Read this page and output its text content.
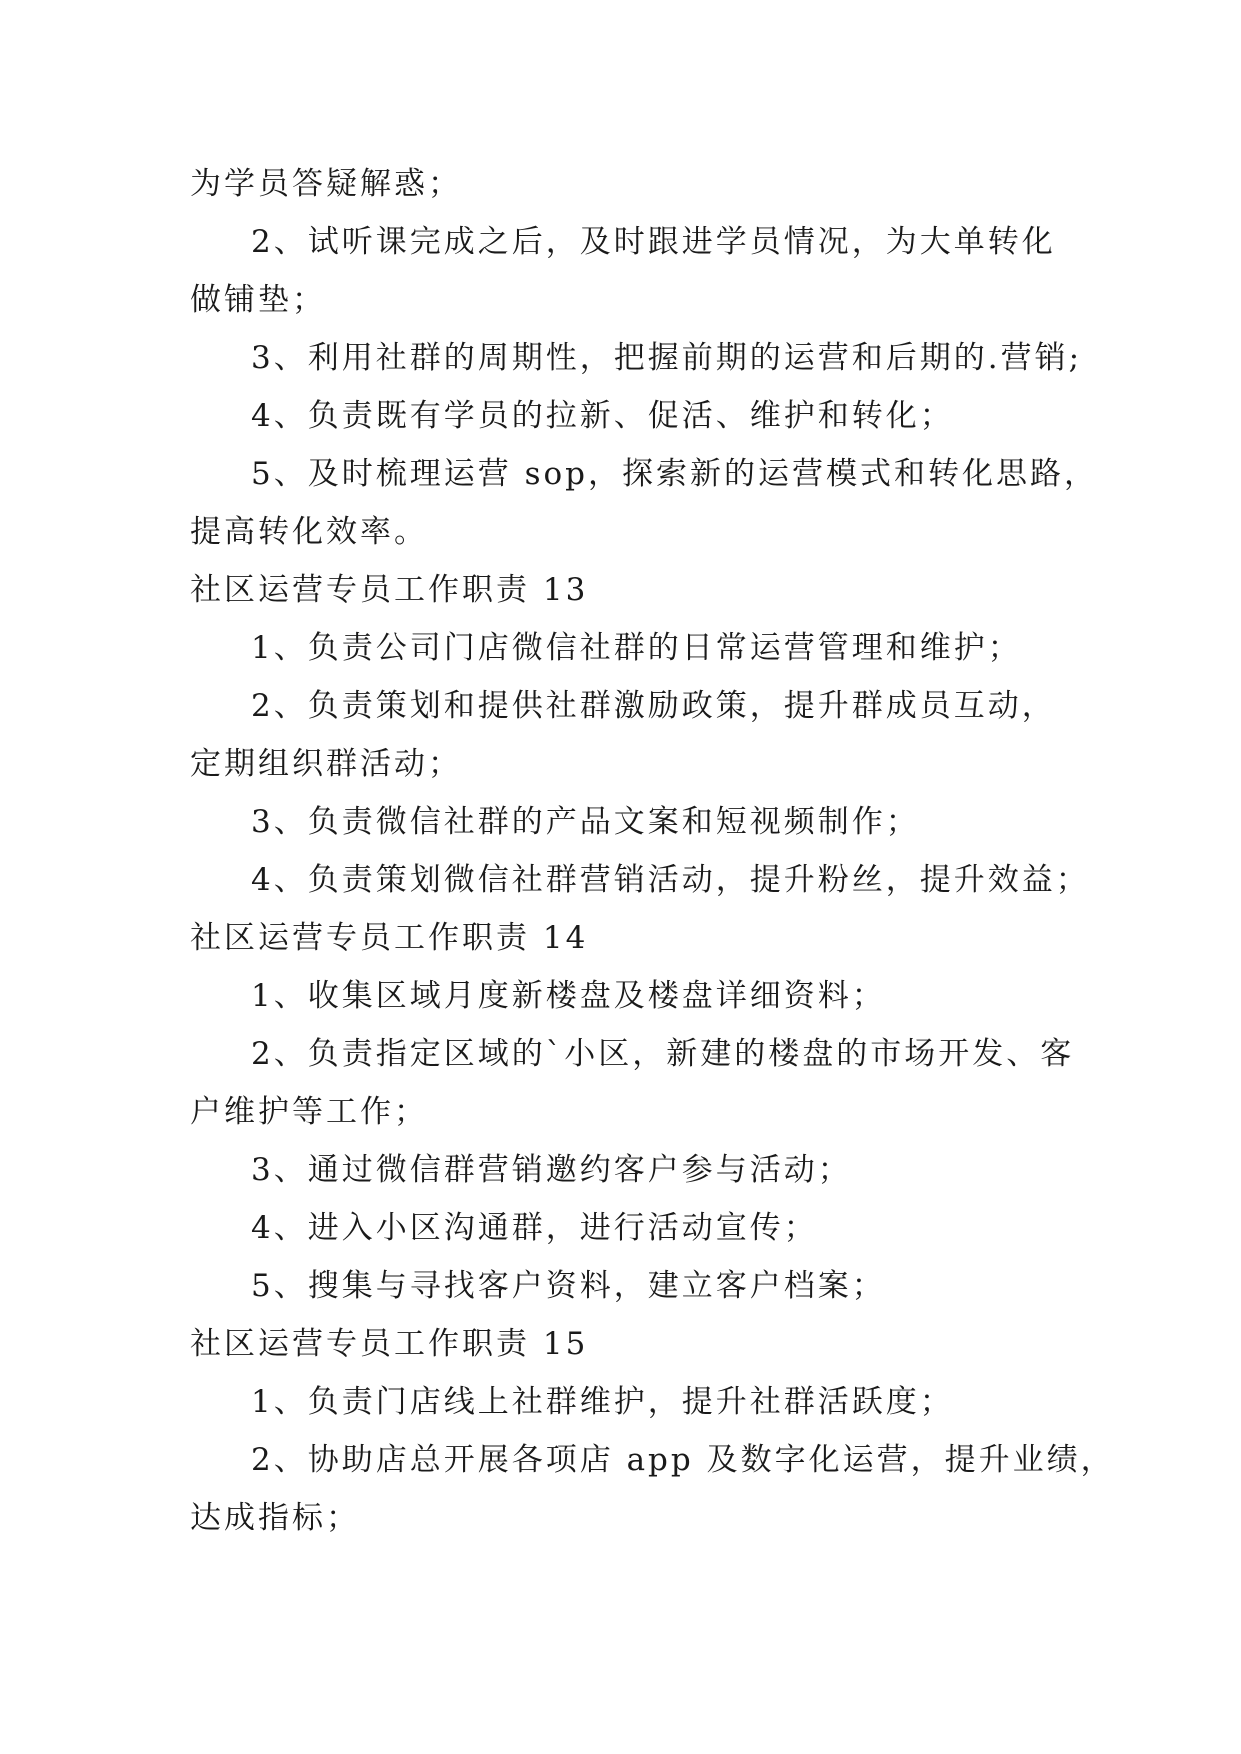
为学员答疑解惑；
2、试听课完成之后，及时跟进学员情况，为大单转化
做铺垫；
3、利用社群的周期性，把握前期的运营和后期的.营销;
4、负责既有学员的拉新、促活、维护和转化；
5、及时梳理运营 sop，探索新的运营模式和转化思路，
提高转化效率。
社区运营专员工作职责 13
1、负责公司门店微信社群的日常运营管理和维护；
2、负责策划和提供社群激励政策，提升群成员互动，
定期组织群活动；
3、负责微信社群的产品文案和短视频制作；
4、负责策划微信社群营销活动，提升粉丝，提升效益；
社区运营专员工作职责 14
1、收集区域月度新楼盘及楼盘详细资料；
2、负责指定区域的`小区，新建的楼盘的市场开发、客
户维护等工作；
3、通过微信群营销邀约客户参与活动；
4、进入小区沟通群，进行活动宣传；
5、搜集与寻找客户资料，建立客户档案；
社区运营专员工作职责 15
1、负责门店线上社群维护，提升社群活跃度；
2、协助店总开展各项店 app 及数字化运营，提升业绩，
达成指标；
